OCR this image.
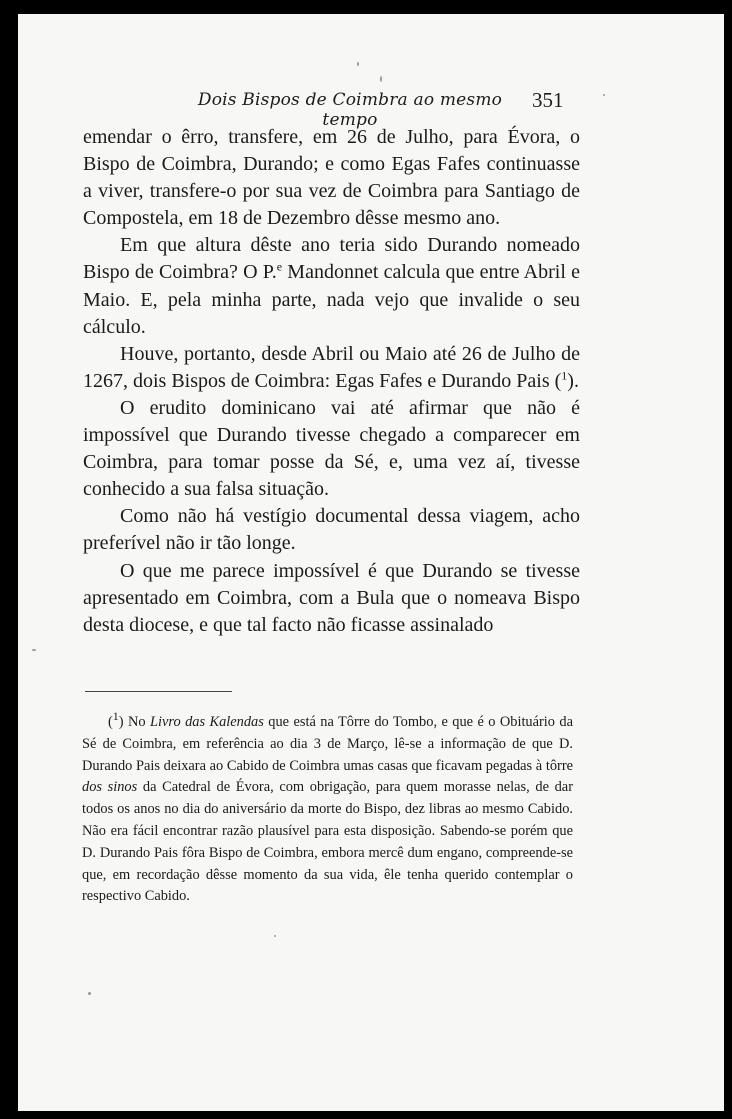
Dois Bispos de Coimbra ao mesmo tempo
351

emendar o êrro, transfere, em 26 de Julho, para Évora, o Bispo de Coimbra, Durando; e como Egas Fafes continuasse a viver, transfere-o por sua vez de Coimbra para Santiago de Compostela, em 18 de Dezembro dêsse mesmo ano.

Em que altura dêste ano teria sido Durando nomeado Bispo de Coimbra? O P.$^e$ Mandonnet calcula que entre Abril e Maio. E, pela minha parte, nada vejo que invalide o seu cálculo.

Houve, portanto, desde Abril ou Maio até 26 de Julho de 1267, dois Bispos de Coimbra: Egas Fafes e Durando Pais ($^1$).

O erudito dominicano vai até afirmar que não é impossível que Durando tivesse chegado a comparecer em Coimbra, para tomar posse da Sé, e, uma vez aí, tivesse conhecido a sua falsa situação.

Como não há vestígio documental dessa viagem, acho preferível não ir tão longe.

O que me parece impossível é que Durando se tivesse apresentado em Coimbra, com a Bula que o nomeava Bispo desta diocese, e que tal facto não ficasse assinalado

($^1$) No Livro das Kalendas que está na Tôrre do Tombo, e que é o Obituário da Sé de Coimbra, em referência ao dia 3 de Março, lê-se a informação de que D. Durando Pais deixara ao Cabido de Coimbra umas casas que ficavam pegadas à tôrre dos sinos da Catedral de Évora, com obrigação, para quem morasse nelas, de dar todos os anos no dia do aniversário da morte do Bispo, dez libras ao mesmo Cabido. Não era fácil encontrar razão plausível para esta disposição. Sabendo-se porém que D. Durando Pais fôra Bispo de Coimbra, embora mercê dum engano, compreende-se que, em recordação dêsse momento da sua vida, êle tenha querido contemplar o respectivo Cabido.
